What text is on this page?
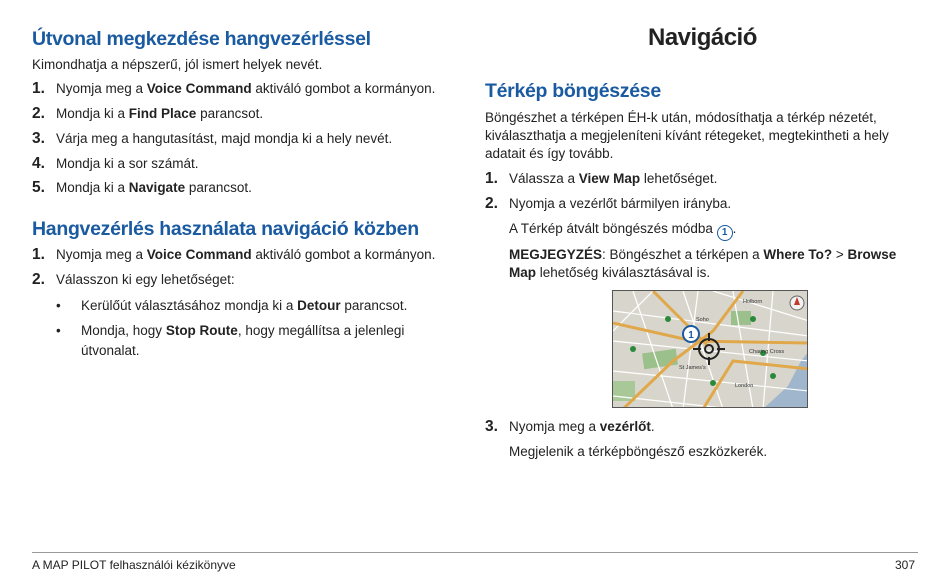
Útvonal megkezdése hangvezérléssel

Kimondhatja a népszerű, jól ismert helyek nevét.

1. Nyomja meg a Voice Command aktiváló gombot a kormányon.
2. Mondja ki a Find Place parancsot.
3. Várja meg a hangutasítást, majd mondja ki a hely nevét.
4. Mondja ki a sor számát.
5. Mondja ki a Navigate parancsot.
Hangvezérlés használata navigáció közben
1. Nyomja meg a Voice Command aktiváló gombot a kormányon.
2. Válasszon ki egy lehetőséget:
• Kerülőút választásához mondja ki a Detour parancsot.
• Mondja, hogy Stop Route, hogy megállítsa a jelenlegi útvonalat.
Navigáció
Térkép böngészése

Böngészhet a térképen ÉH-k után, módosíthatja a térkép nézetét, kiválaszthatja a megjeleníteni kívánt rétegeket, megtekintheti a hely adatait és így tovább.

1. Válassza a View Map lehetőséget.
2. Nyomja a vezérlőt bármilyen irányba.
A Térkép átvált böngészés módba 1 .
MEGJEGYZÉS: Böngészhet a térképen a Where To? > Browse Map lehetőség kiválasztásával is.
3. Nyomja meg a vezérlőt.
Megjelenik a térképböngésző eszközkerék.
1
Soho
Charing Cross
St James's
London
Holborn
A MAP PILOT felhasználói kézikönyve	307
